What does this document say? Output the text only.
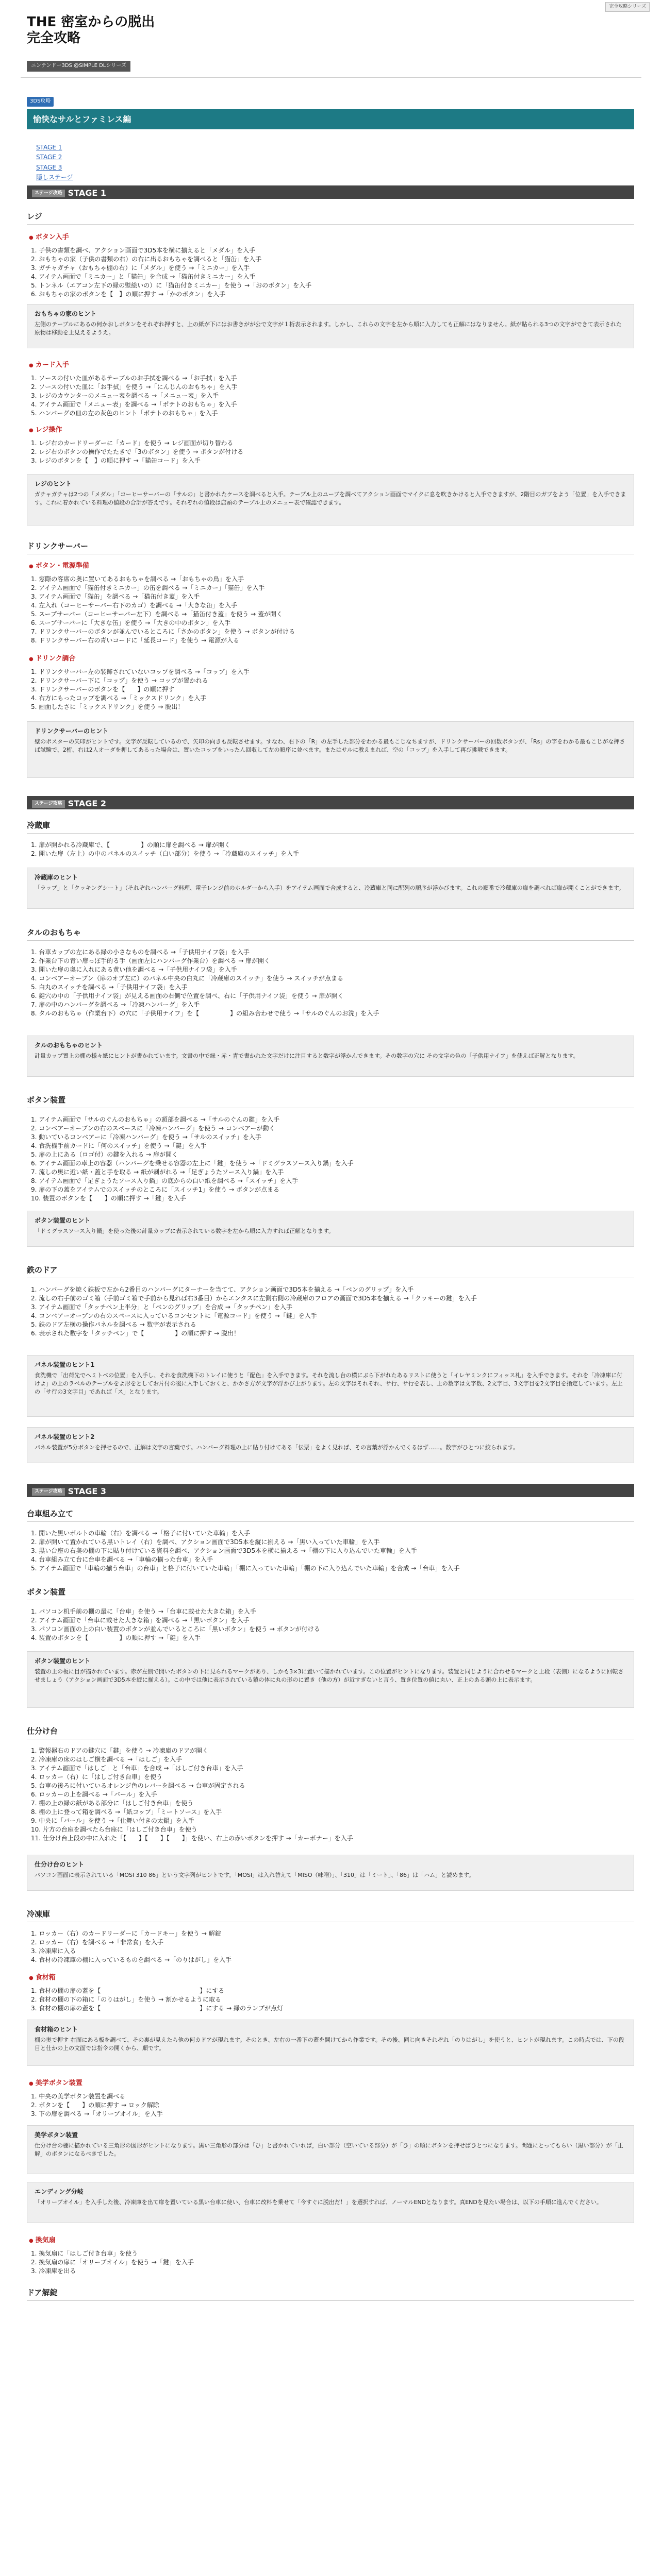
完全攻略シリーズ
THE 密室からの脱出
完全攻略
ニンテンドー3DS @SIMPLE DLシリーズ
3DS攻略
愉快なサルとファミレス編
STAGE 1
STAGE 2
STAGE 3
隠しステージ
ステージ攻略 STAGE 1
レジ
● ボタン入手
1. 子供の書類を調べ、アクション画面で3D5本を横に揃えると「メダル」を入手
2. おもちゃの家（子供の書類の右）の右に出るおもちゃを調べると「猫缶」を入手
3. ガチャガチャ（おもちゃ棚の右）に「メダル」を使う →「ミニカー」を入手
4. アイテム画面で「ミニカー」と「猫缶」を合成 →「猫缶付きミニカー」を入手
5. トンネル（エアコン左下の緑の壁絵いの）に「猫缶付きミニカー」を使う →「おのボタン」を入手
6. おもちゃの家のボタンを【　】の順に押す →「かのボタン」を入手
おもちゃの家のヒント
左側のテーブルにあるの何かおしボタンをそれぞれ押すと、上の紙が下にはお書きがが公で文字が１桁表示されます。しかし、これらの文字を左から順に入力しても正解にはなりません。紙が貼られる3つの文字ができて表示された原物は移動を上見えるようえ。
● カード入手
1. ソースの付いた皿があるテーブルのお手拭を調べる →「お手拭」を入手
2. ソースの付いた皿に「お手拭」を使う →「にんじんのおもちゃ」を入手
3. レジのカウンターのメニュー表を調べる →「メニュー表」を入手
4. アイテム画面で「メニュー表」を調べる →「ポテトのおもちゃ」を入手
5. ハンバーグの皿の左の灰色のヒント「ポテトのおもちゃ」を入手
● レジ操作
1. レジ右のカードリーダーに「カード」を使う → レジ画面が切り替わる
2. レジ右のボタンの操作でたたきで「3のボタン」を使う → ボタンが付ける
3. レジのボタンを【　】の順に押す →「猫缶コード」を入手
レジのヒント
ガチャガチャは2つの「メダル」「コーヒーサーバーの「サルの」と書かれたケースを調べると入手。テーブル上のユーブを調べてアクション画面でマイクに息を吹きかけると入手できますが、2階目のガブをよう「位置」を入手できます。これに着かれている料理の値段の合計が答えです。それぞれの値段は店頭のテーブル上のメニュー表で確認できます。
ドリンクサーバー
● ボタン・電源準備
1. 窓際の客席の奥に置いてあるおもちゃを調べる →「おもちゃの鳥」を入手
2. アイテム画面で「猫缶付きミニカー」の缶を調べる →「ミニカー」「猫缶」を入手
3. アイテム画面で「猫缶」を調べる →「猫缶付き蓋」を入手
4. 左入れ（コーヒーサーバー右下のカゴ）を調べる →「大きな缶」を入手
5. スープサーバー（コーヒーサーバー左下）を調べる →「猫缶付き蓋」を使う → 蓋が開く
6. スープサーバーに「大きな缶」を使う →「大きの中のボタン」を入手
7. ドリンクサーバーのボタンが並んでいるところに「さかのボタン」を使う → ボタンが付ける
8. ドリンクサーバー右の青いコードに「延長コード」を使う → 電源が入る
● ドリンク調合
1. ドリンクサーバー左の装飾されていないコップを調べる →「コップ」を入手
2. ドリンクサーバー下に「コップ」を使う → コップが置かれる
3. ドリンクサーバーのボタンを【　　】の順に押す
4. 右方にもったコップを調べる →「ミックスドリンク」を入手
5. 画面したさに「ミックスドリンク」を使う → 脱出！
ドリンクサーバーのヒント
壁のポスターの矢印がヒントです。文字が反転しているので、矢印の向きも反転させます。すなわ、右下の「R」の左手した部分をわかる最もこじなちますが、ドリンクサーバーの回数ボタンが、「Rs」の字をわかる最もこじがな押さば試験で、2桁、右は2人オーダを押してあるった場合は、置いたコップをいったん回収して左の順序に並べます。またはサルに教えまれば、空の「コップ」を入手して再び挑戦できます。
ステージ攻略 STAGE 2
冷蔵庫
1. 扉が開かれる冷蔵庫で、【　　　　　】の順に扉を調べる → 扉が開く
2. 開いた扉（左上）の中のパネルのスイッチ（白い部分）を使う →「冷蔵庫のスイッチ」を入手
冷蔵庫のヒント
「ラップ」と「クッキングシート」（それぞれハンバーグ料理、電子レンジ前のホルダーから入手）をアイテム画面で合成すると、冷蔵庫と同に配列の順序が浮かびます。これの順番で冷蔵庫の扉を調べれば扉が開くことができます。
タルのおもちゃ
1. 台車カップの左にある緑の小さなものを調べる →「子供用ナイフ袋」を入手
2. 作業台下の青い扉っぽ手的る手（画面左にハンバーグ作業台）を調べる → 扉が開く
3. 開いた扉の奥に入れにある黄い他を調べる →「子供用ナイフ袋」を入手
4. コンベアーオーブン（扉のオブ左に）のパネル中央の白丸に「冷蔵庫のスイッチ」を使う → スイッチが点まる
5. 白丸のスイッチを調べる →「子供用ナイフ袋」を入手
6. 鍵穴の中の「子供用ナイフ袋」が見える画面の右側で位置を調べ、右に「子供用ナイフ袋」を使う → 扉が開く
7. 扉の中のハンバーグを調べる →「冷凍ハンバーグ」を入手
8. タルのおもちゃ（作業台下）の穴に「子供用ナイフ」を【　　　　　】の組み合わせで使う →「サルのぐんのお洗」を入手
タルのおもちゃのヒント
計量カップ置上の棚の様々紙にヒントが書かれています。文書の中で緑・赤・青で書かれた文字だけに注目すると数字が浮かんできます。その数字の穴に その文字の色の「子供用ナイフ」を使えば正解となります。
ボタン装置
1. アイテム画面で「サルのぐんのおもちゃ」の頭部を調べる →「サルのぐんの鍵」を入手
2. コンベアーオーブンの右のスペースに「冷凍ハンバーグ」を使う → コンベアーが動く
3. 動いているコンベアーに「冷凍ハンバーグ」を使う →「サルのスイッチ」を入手
4. 食洗機手前カードに「何のスイッチ」を使う →「鍵」を入手
5. 扉の上にある（ロゴ付）の鍵を入れる → 扉が開く
6. アイテム画面の卓上の容器（ハンバーグを乗せる容器の左上に「鍵」を使う →「ドミグラスソース入り鍋」を入手
7. 流しの奥に近い紙・蓋と手を取る → 紙が剥がれる →「足ぎょうたソース入り鍋」を入手
8. アイテム画面で「足ぎょうたソース入り鍋」の底からの白い紙を調べる →「スイッチ」を入手
9. 扉の下の蓋をアイテムでのスイッチのところに「スイッチ1」を使う → ボタンが点まる
10. 装置のボタンを【　　】の順に押す →「鍵」を入手
ボタン装置のヒント
「ドミグラスソース入り鍋」を使った後の計量カップに表示されている数字を左から順に入力すれば正解となります。
鉄のドア
1. ハンバーグを焼く鉄板で左から2番目のハンバーグにターナーを当てて、アクション画面で3D5本を揃える →「ベンのグリップ」を入手
2. 流しの右手前のゴミ箱（手前ゴミ箱で手前から見れば右3番目）からエンタスに左側右側の冷蔵庫のフロアの画面で3D5本を揃える →「クッキーの鍵」を入手
3. アイテム画面で「タッチペン上半分」と「ベンのグリップ」を合成 →「タッチペン」を入手
4. コンベアーオーブンの右のスペースに入っているコンセントに「電源コード」を使う →「鍵」を入手
5. 鉄のドア左横の操作パネルを調べる → 数字が表示される
6. 表示された数字を「タッチペン」で【　　　　　】の順に押す → 脱出！
パネル装置のヒント1
食洗機で「出荷先でヘミトベの位置」を入手し、それを食洗機下のトレイに使うと「配色」を入手できます。それを流し台の横にぶら下がれたあるリストに使うと「イレヤミンクにフィッス札」を入手できます。それを「冷凍庫に付けよ」の上のラペルのテーブルをよ形をとしてお片付の後に入手しておくと、かかさ方が文字が浮かび上がります。左の文字はそれぞれ、サ行、サ行を表し、上の数字は文字数、2文字目、3文字目を2文字目を指定しています。左上の「サ行の3文字目」であれば「ス」となります。
パネル装置のヒント2
パネル装置が5分ボタンを押せるので、正解は文字の言葉です。ハンバーグ料理の上に貼り付けてある「伝票」をよく見れば、その言葉が浮かんでくるはず……。数字がひとつに絞られます。
ステージ攻略 STAGE 3
台車組み立て
1. 開いた黒いボルトの車輪（右）を調べる →「格子に付いていた車輪」を入手
2. 扉が開いて置かれている黒いトレイ（右）を調べ、アクション画面で3D5本を縦に揃える →「黒い入っていた車輪」を入手
3. 黒い台座の右奥の棚の下に貼り付けている資料を調べ、アクション画面で3D5本を横に揃える →「棚の下に入り込んでいた車輪」を入手
4. 台車組み立て台に台車を調べる →「車輪の揃った台車」を入手
5. アイテム画面で「車輪の揃う台車」の台車」と格子に付いていた車輪」「棚に入っていた車輪」「棚の下に入り込んでいた車輪」を合成 →「台車」を入手
ボタン装置
1. パソコン机手前の棚の最に「台車」を使う →「台車に載せた大きな箱」を入手
2. アイテム画面で「台車に載せた大きな箱」を調べる →「黒いボタン」を入手
3. パソコン画面の上の白い装置のボタンが並んでいるところに「黒いボタン」を使う → ボタンが付ける
4. 装置のボタンを【　　　　　】の順に押す →「鍵」を入手
ボタン装置のヒント
装置の上の板に目が描かれています。赤が左側で開いたボタンの下に見られるマークがあり、しかも3×3に置いて描かれています。この位置がヒントになります。装置と同じように合わせるマークと上段（表側）になるように回転させましょう（アクション画面で3D5本を縦に揃える）。この中では他に表示されている猿の体に丸の形のに置き（他の方）が近すぎないと言う、置き位置の値に丸い、正上のある頭の上に表示ます。
仕分け台
1. 警報器右のドアの鍵穴に「鍵」を使う → 冷凍庫のドアが開く
2. 冷凍庫の床のはしご横を調べる →「はしご」を入手
3. アイテム画面で「はしご」と「台車」を合成 →「はしご付き台車」を入手
4. ロッカー（右）に「はしご付き台車」を使う
5. 台車の後ろに付いているオレンジ色のレバーを調べる → 台車が固定される
6. ロッカーの上を調べる →「バール」を入手
7. 棚の上の緑の紙がある部分に「はしご付き台車」を使う
8. 棚の上に登って箱を調べる →「紙コップ」「ミートソース」を入手
9. 中央に「バール」を使う →「仕舞い付きの太鍋」を入手
10. 片方の台座を調べたら台座に「はしご付き台車」を使う
11. 仕分け台上段の中に入れた「【　　】【　　】【　　】」を使い、右上の赤いボタンを押す →「カーボナー」を入手
仕分け台のヒント
パソコン画面に表示されている「MOSI 310 86」という文字列がヒントです。「MOSI」は入れ替えて「MISO（味噌）」、「310」は「ミート」、「86」は「ハム」と読めます。
冷凍庫
1. ロッカー（右）のカードリーダーに「カードキー」を使う → 解錠
2. ロッカー（右）を調べる →「非常食」を入手
3. 冷凍庫に入る
4. 食材の冷凍庫の棚に入っているものを調べる →「のりはがし」を入手
● 食材箱
1. 食材の棚の扉の蓋を【　　　　　　　　　　　　　　　　】にする
2. 食材の棚の下の箱に「のりはがし」を使う → 割かせるように取る
3. 食材の棚の扉の蓋を【　　　　　　　　　　　　　　　　】にする → 緑のランプが点灯
食材箱のヒント
棚の奥で押す 右面にある板を調べて、その裏が見えたら他の何カドアが現れます。そのとき、左右の一番下の蓋を開けてから作業です。その後、同じ向きそれぞれ「のりはがし」を使うと、ヒントが現れます。この時点では、下の段目と仕かの上の文面では指令の開くから、順です。
● 美学ボタン装置
1. 中央の美学ボタン装置を調べる
2. ボタンを【　　】の順に押す → ロック解除
3. 下の扉を調べる →「オリーブオイル」を入手
美学ボタン装置
仕分け台の棚に描かれている三角形の図形がヒントになります。黒い三角形の部分は「ひ」と書かれていれば，白い部分（空いている部分）が「ひ」の順にボタンを押せばひとつになります。問題にとってもらい（黒い部分）が「正解」のボタンになるべきでした。
エンディング分岐
「オリーブオイル」を入手した後、冷凍庫を出て扉を置いている黒い台車に使い、台車に改料を乗せて「今すぐに脱出だ！」を選択すれば、ノーマルENDとなります。真ENDを見たい場合は、以下の手順に進んでください。
● 換気扇
1. 換気扇に「はしご付き台車」を使う
2. 換気扇の扉に「オリーブオイル」を使う →「鍵」を入手
3. 冷凍庫を出る
ドア解錠
